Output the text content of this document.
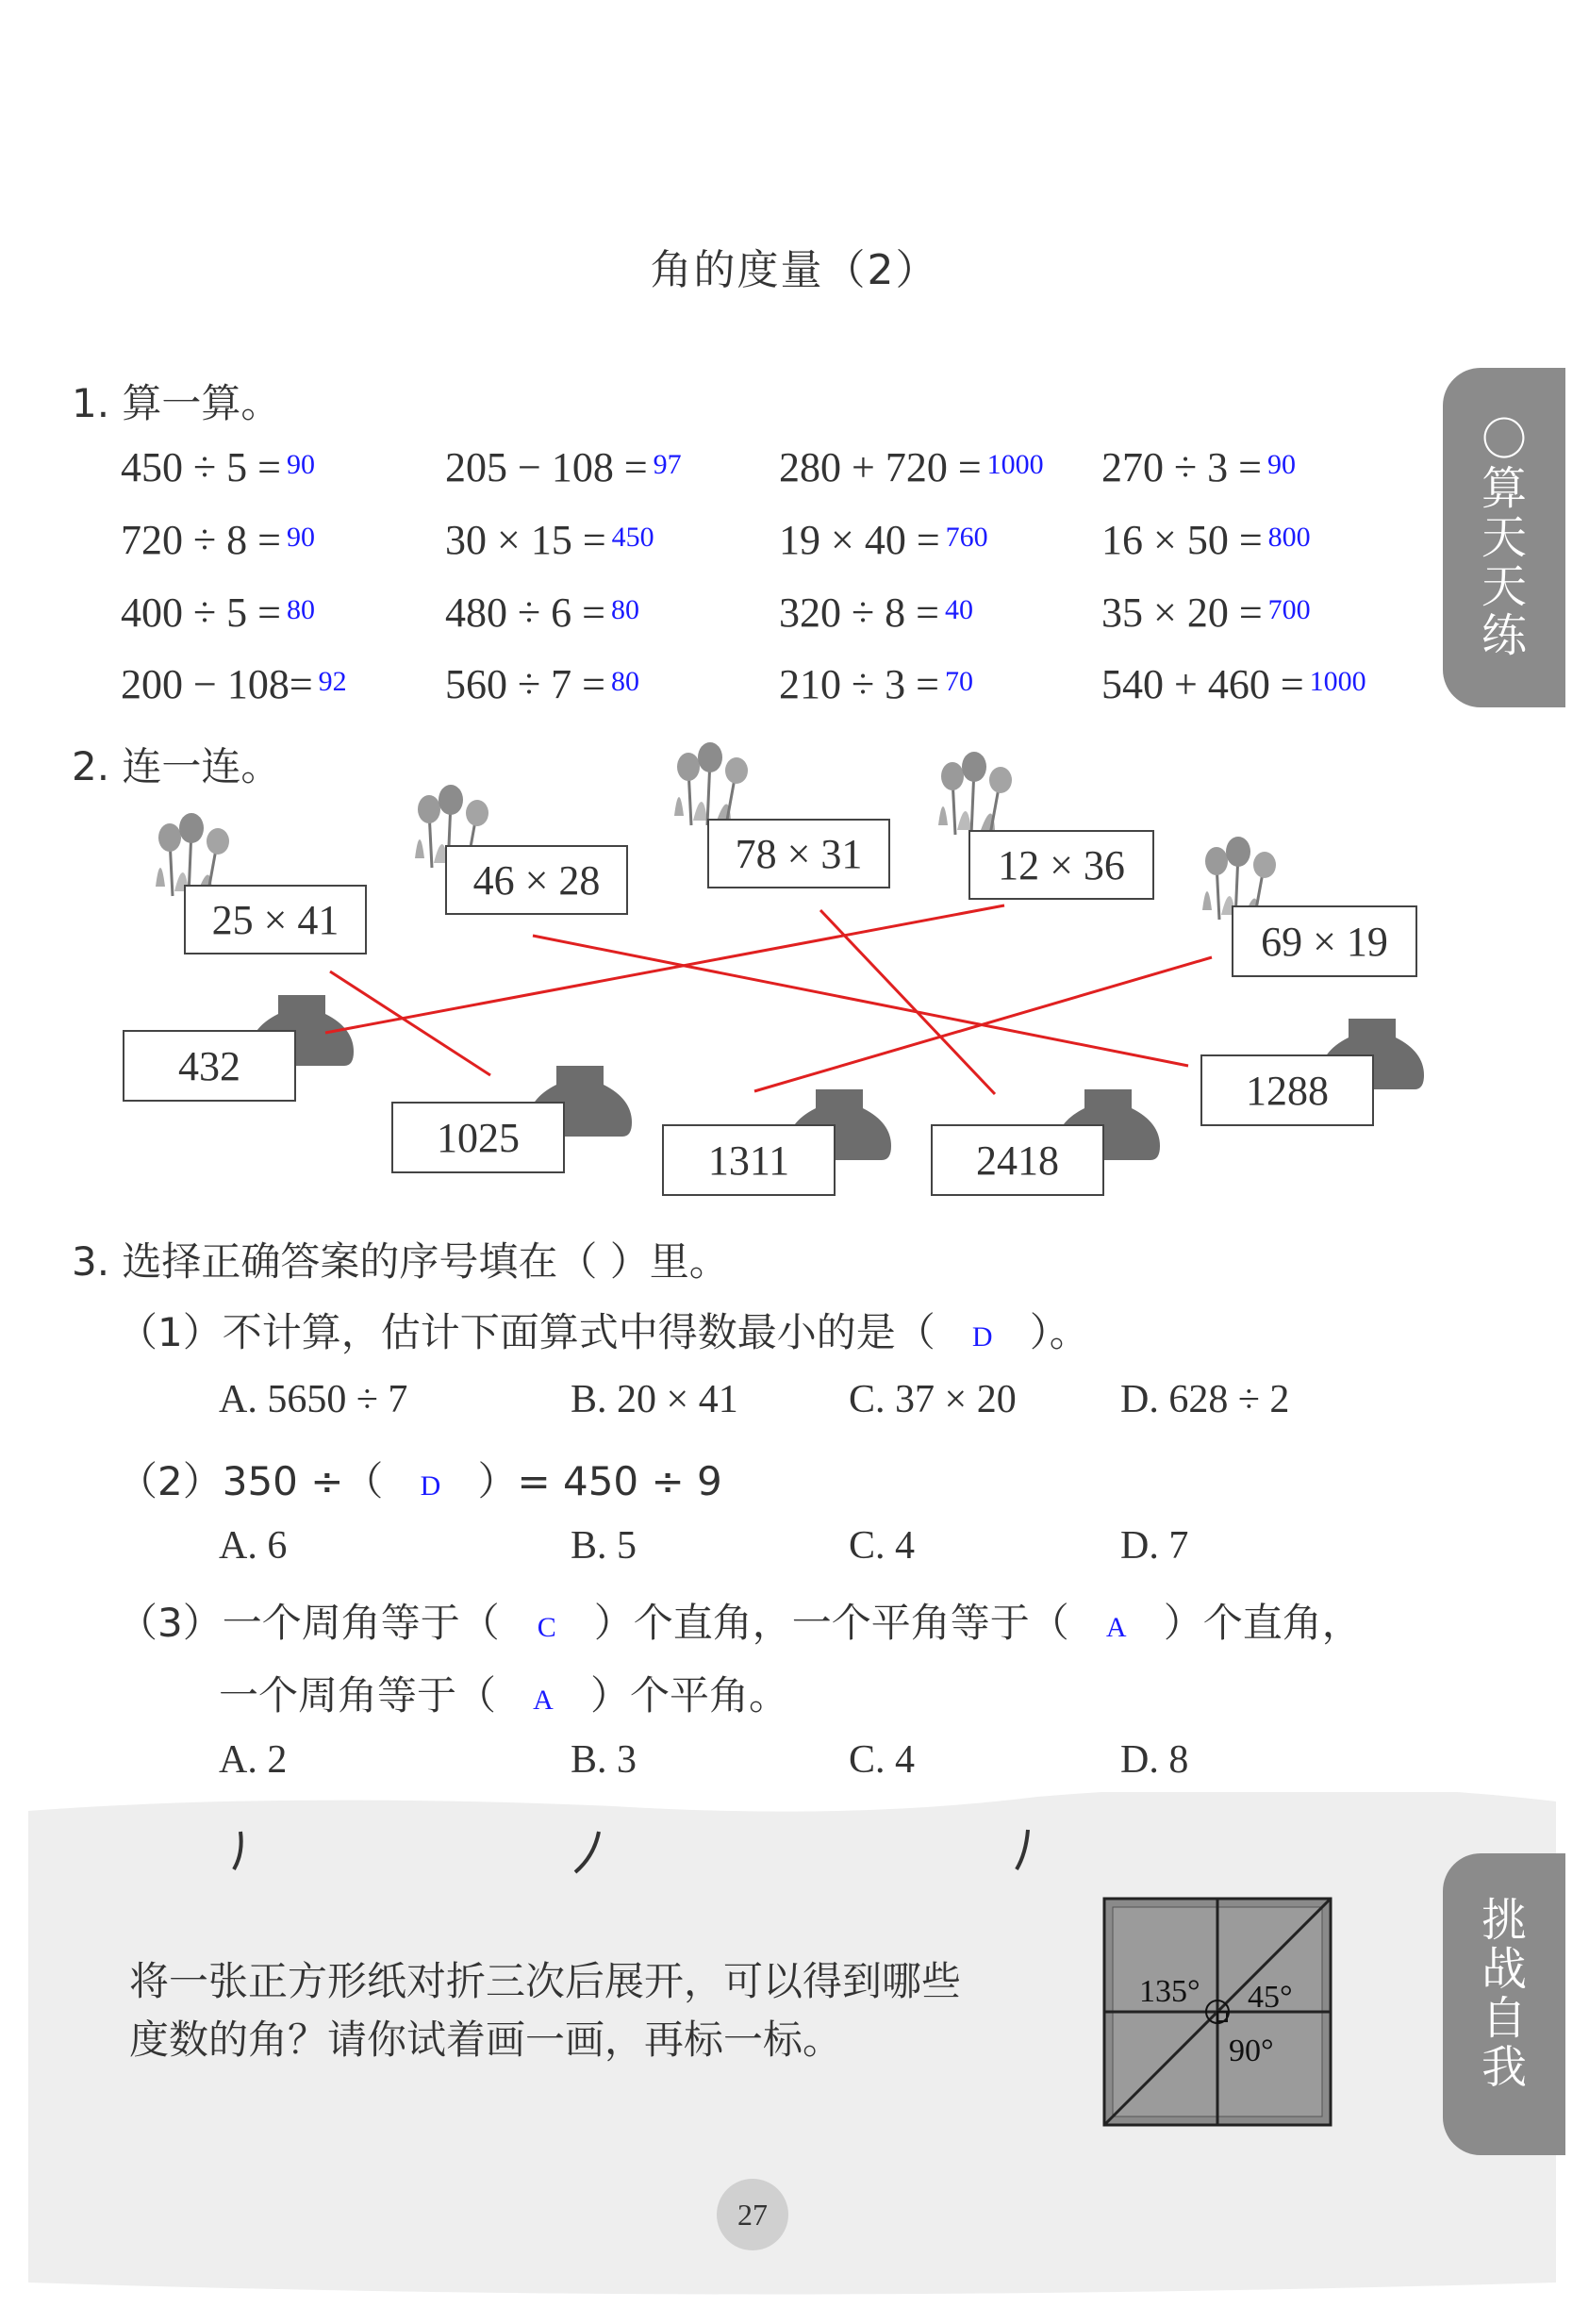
角的度量（2）
〇
算
天
天
练
1. 算一算。
450 ÷ 5 = 90	205 − 108 = 97 280 + 720 = 1000 270 ÷ 3 = 90
720 ÷ 8 = 90	30 × 15 = 450	19 × 40 = 760	16 × 50 = 800
400 ÷ 5 = 80	480 ÷ 6 = 80	320 ÷ 8 = 40	35 × 20 = 700
200 − 108= 92 560 ÷ 7 = 80	210 ÷ 3 = 70	540 + 460 = 1000
2. 连一连。
25 × 41
46 × 28
78 × 31	12 × 36
69 × 19
432
1025	1311	2418
1288
3. 选择正确答案的序号填在（ ）里。
（1）不计算，估计下面算式中得数最小的是（ D ）。
A. 5650 ÷ 7	B. 20 × 41	C. 37 × 20	D. 628 ÷ 2
（2）350 ÷（ D ）= 450 ÷ 9
A. 6	B. 5	C. 4	D. 7
（3）一个周角等于（ C ）个直角，一个平角等于（ A ）个直角，
一个周角等于（ A ）个平角。
A. 2	B. 3	C. 4	D. 8
挑
战
自
我
将一张正方形纸对折三次后展开，可以得到哪些
度数的角？请你试着画一画，再标一标。
135° 45°
90°
27
